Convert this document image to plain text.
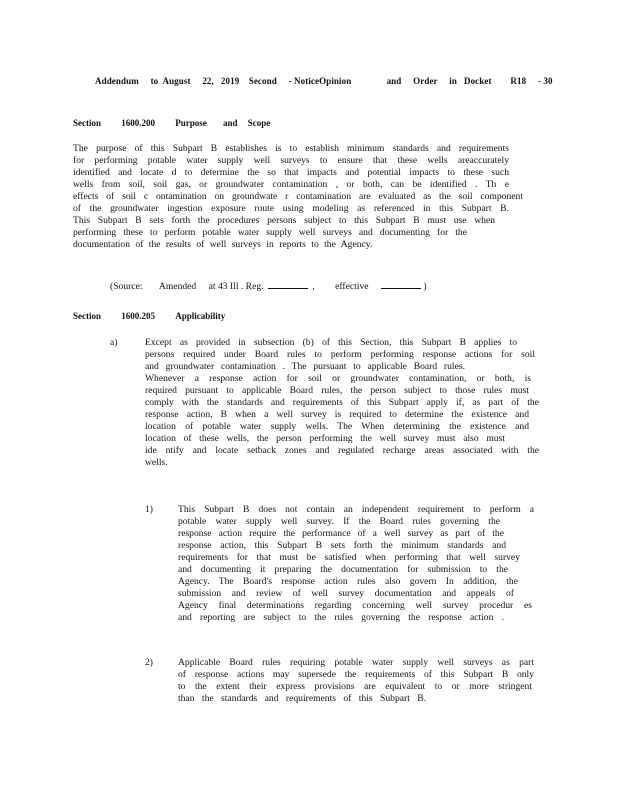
Addendum     to  August     22,   2019    Second     - NoticeOpinion               and     Order     in   Docket        R18     - 30
Section 1600.200 Purpose and Scope
The purpose of this Subpart B establishes is to establish minimum standards and requirements
for performing potable water supply well surveys to ensure that these wells areaccurately
identified and locate d to determine the so that impacts and potential impacts to these such
wells from soil, soil gas, or groundwater contamination , or both, can be identified . Th e
effects of soil c ontamination on groundwate r contamination are evaluated as the soil component
of the groundwater ingestion exposure route using modeling as referenced in this Subpart B.
This Subpart B sets forth the procedures persons subject to this Subpart B must use when
performing these to perform potable water supply well surveys and documenting for the
documentation of the results of well surveys in reports to the Agency.
(Source: Amended at 43 Ill . Reg.	, effective	)
Section 1600.205 Applicability
a)	Except as provided in subsection (b) of this Section, this Subpart B applies to
persons required under Board rules to perform performing response actions for soil
and groundwater contamination . The pursuant to applicable Board rules.
Whenever a response action for soil or groundwater contamination, or both, is
required pursuant to applicable Board rules, the person subject to those rules must
comply with the standards and requirements of this Subpart apply if, as part of the
response action, B when a well survey is required to determine the existence and
location of potable water supply wells. The When determining the existence and
location of these wells, the person performing the well survey must also must
ide ntify and locate setback zones and regulated recharge areas associated with the
wells.
1)	This Subpart B does not contain an independent requirement to perform a
potable water supply well survey. If the Board rules governing the
response action require the performance of a well survey as part of the
response action, this Subpart B sets forth the minimum standards and
requirements for that must be satisfied when performing that well survey
and documenting it preparing the documentation for submission to the
Agency. The Board's response action rules also govern In addition, the
submission and review of well survey documentation and appeals of
Agency final determinations regarding concerning well survey procedur es
and reporting are subject to the rules governing the response action .
2)	Applicable Board rules requiring potable water supply well surveys as part
of response actions may supersede the requirements of this Subpart B only
to the extent their express provisions are equivalent to or more stringent
than the standards and requirements of this Subpart B.
